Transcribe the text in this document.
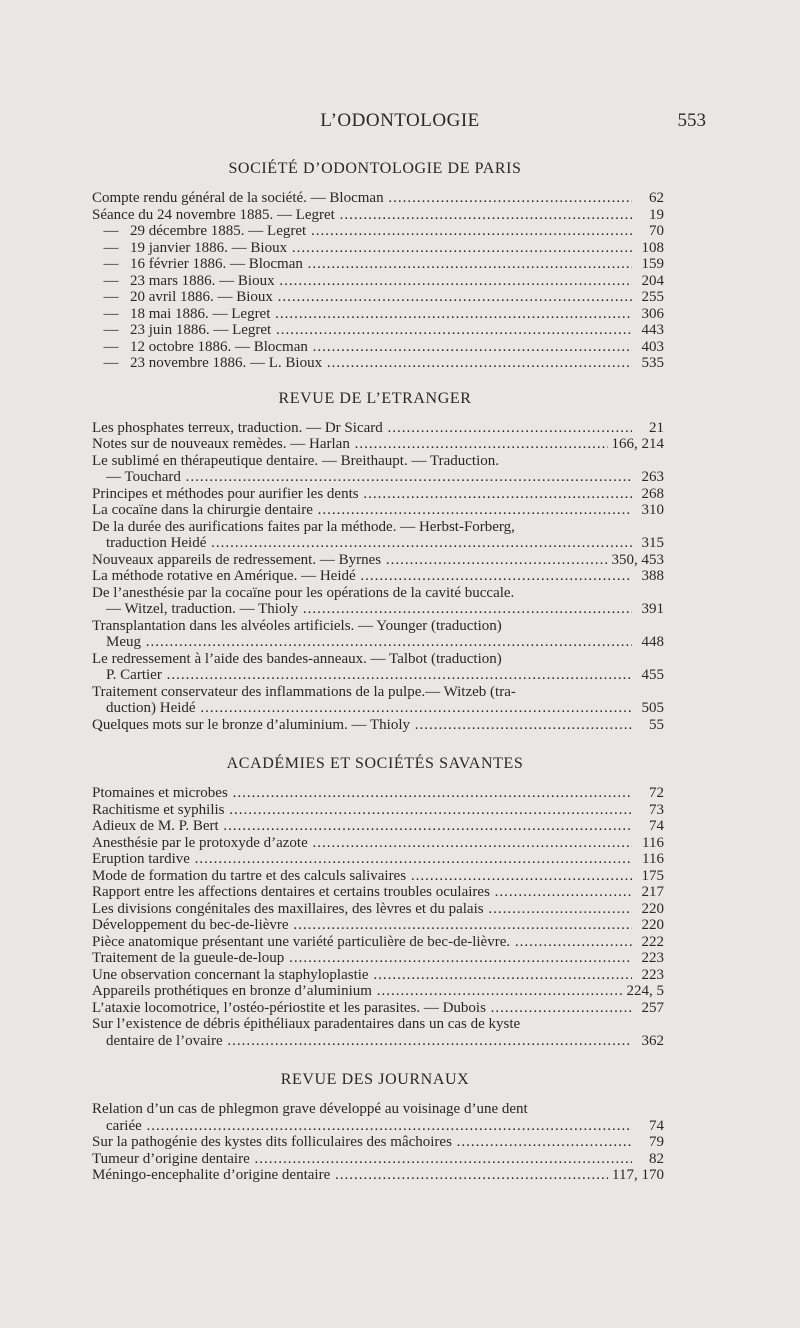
L’ODONTOLOGIE	553
SOCIÉTÉ D’ODONTOLOGIE DE PARIS
Compte rendu général de la société. — Blocman .....	62
Séance du 24 novembre 1885. — Legret .....	19
— 29 décembre 1885. — Legret .....	70
— 19 janvier 1886. — Bioux .....	108
— 16 février 1886. — Blocman .....	159
— 23 mars 1886. — Bioux .....	204
— 20 avril 1886. — Bioux .....	255
— 18 mai 1886. — Legret .....	306
— 23 juin 1886. — Legret .....	443
— 12 octobre 1886. — Blocman .....	403
— 23 novembre 1886. — L. Bioux .....	535
REVUE DE L’ETRANGER
Les phosphates terreux, traduction. — Dr Sicard .....	21
Notes sur de nouveaux remèdes. — Harlan .....	166, 214
Le sublimé en thérapeutique dentaire. — Breithaupt. — Traduction.
— Touchard .....	263
Principes et méthodes pour aurifier les dents .....	268
La cocaïne dans la chirurgie dentaire .....	310
De la durée des aurifications faites par la méthode. — Herbst-Forberg,
traduction Heidé .....	315
Nouveaux appareils de redressement. — Byrnes .....	350, 453
La méthode rotative en Amérique. — Heidé .....	388
De l’anesthésie par la cocaïne pour les opérations de la cavité buccale.
— Witzel, traduction. — Thioly .....	391
Transplantation dans les alvéoles artificiels. — Younger (traduction)
Meug .....	448
Le redressement à l’aide des bandes-anneaux. — Talbot (traduction)
P. Cartier .....	455
Traitement conservateur des inflammations de la pulpe.— Witzeb (tra-
duction) Heidé .....	505
Quelques mots sur le bronze d’aluminium. — Thioly .....	55
ACADÉMIES ET SOCIÉTÉS SAVANTES
Ptomaines et microbes .....	72
Rachitisme et syphilis .....	73
Adieux de M. P. Bert .....	74
Anesthésie par le protoxyde d’azote .....	116
Eruption tardive .....	116
Mode de formation du tartre et des calculs salivaires .....	175
Rapport entre les affections dentaires et certains troubles oculaires .....	217
Les divisions congénitales des maxillaires, des lèvres et du palais .....	220
Développement du bec-de-lièvre .....	220
Pièce anatomique présentant une variété particulière de bec-de-lièvre. .....	222
Traitement de la gueule-de-loup .....	223
Une observation concernant la staphyloplastie .....	223
Appareils prothétiques en bronze d’aluminium .....	224, 5
L’ataxie locomotrice, l’ostéo-périostite et les parasites. — Dubois .....	257
Sur l’existence de débris épithéliaux paradentaires dans un cas de kyste
dentaire de l’ovaire .....	362
REVUE DES JOURNAUX
Relation d’un cas de phlegmon grave développé au voisinage d’une dent
cariée .....	74
Sur la pathogénie des kystes dits folliculaires des mâchoires .....	79
Tumeur d’origine dentaire .....	82
Méningo-encephalite d’origine dentaire .....	117, 170
